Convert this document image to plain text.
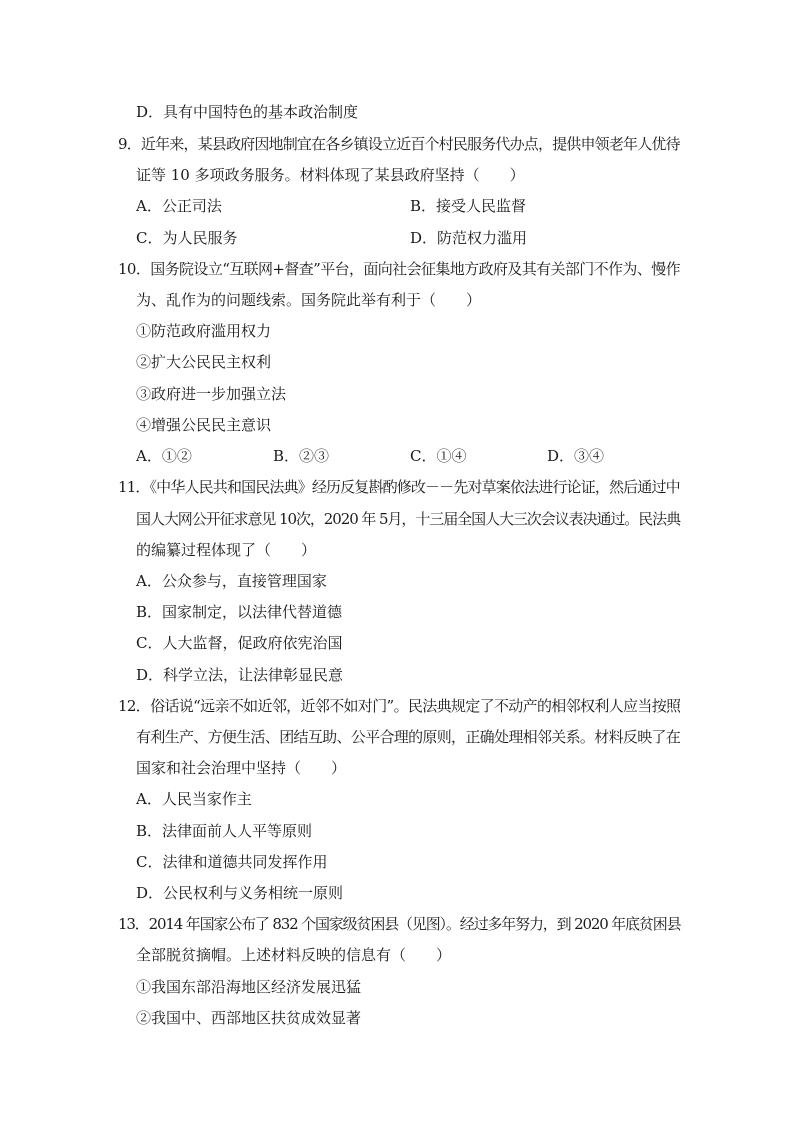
D．具有中国特色的基本政治制度
9．近年来，某县政府因地制宜在各乡镇设立近百个村民服务代办点，提供申领老年人优待
证等 10 多项政务服务。材料体现了某县政府坚持（　　）
A．公正司法	B．接受人民监督
C．为人民服务	D．防范权力滥用
10．国务院设立“互联网+督查”平台，面向社会征集地方政府及其有关部门不作为、慢作
为、乱作为的问题线索。国务院此举有利于（　　）
①防范政府滥用权力
②扩大公民民主权利
③政府进一步加强立法
④增强公民民主意识
A．①②	B．②③	C．①④	D．③④
11．《中华人民共和国民法典》经历反复斟酌修改－－先对草案依法进行论证，然后通过中
国人大网公开征求意见 10次，2020 年 5月，十三届全国人大三次会议表决通过。民法典
的编纂过程体现了（　　）
A．公众参与，直接管理国家
B．国家制定，以法律代替道德
C．人大监督，促政府依宪治国
D．科学立法，让法律彰显民意
12．俗话说“远亲不如近邻，近邻不如对门”。民法典规定了不动产的相邻权利人应当按照
有利生产、方便生活、团结互助、公平合理的原则，正确处理相邻关系。材料反映了在
国家和社会治理中坚持（　　）
A．人民当家作主
B．法律面前人人平等原则
C．法律和道德共同发挥作用
D．公民权利与义务相统一原则
13．2014 年国家公布了 832 个国家级贫困县（见图）。经过多年努力，到 2020 年底贫困县
全部脱贫摘帽。上述材料反映的信息有（　　）
①我国东部沿海地区经济发展迅猛
②我国中、西部地区扶贫成效显著
